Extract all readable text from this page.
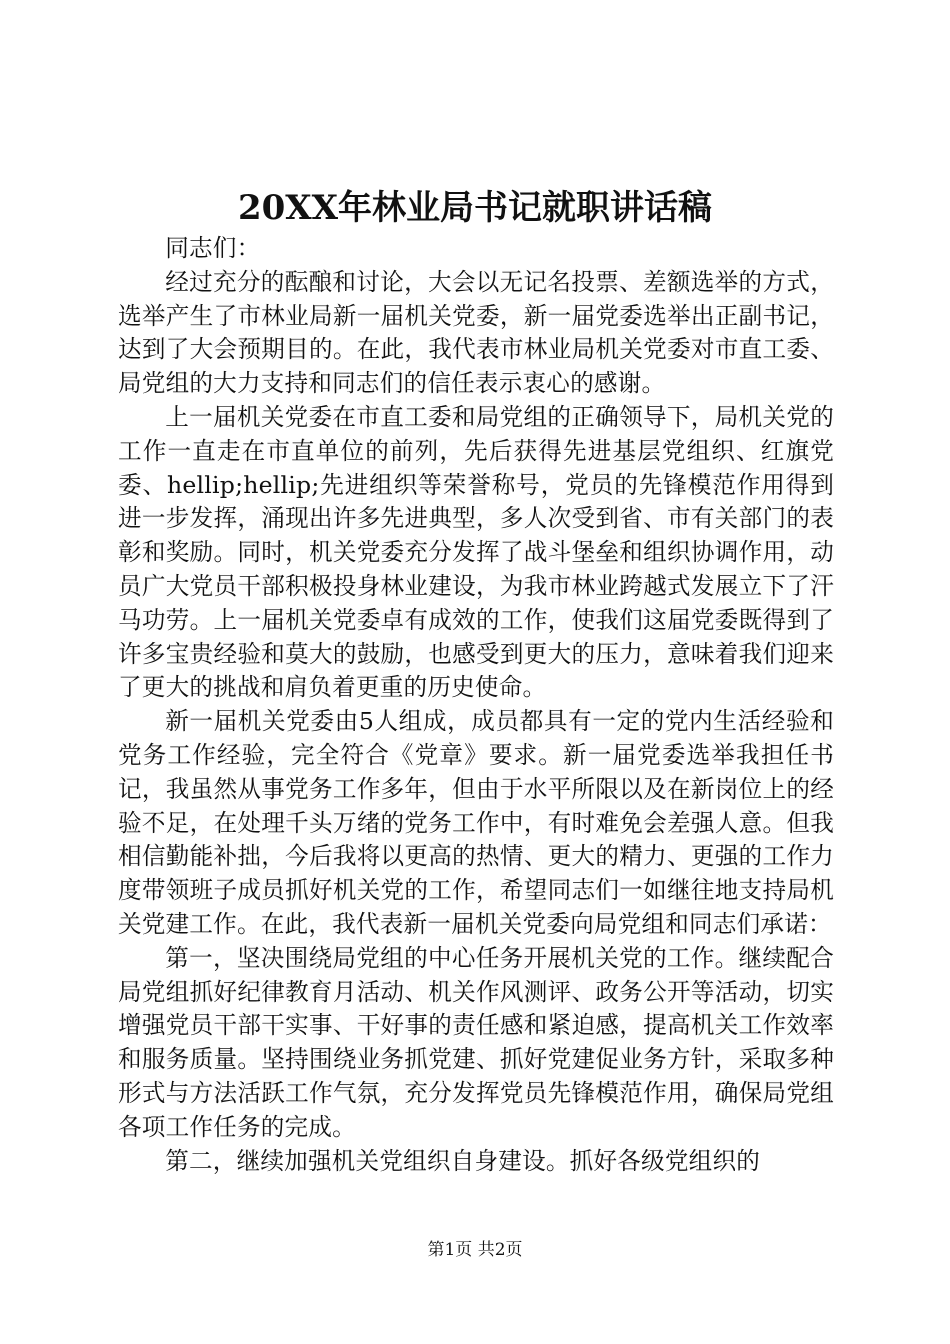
20XX年林业局书记就职讲话稿

同志们：

经过充分的酝酿和讨论，大会以无记名投票、差额选举的方式，选举产生了市林业局新一届机关党委，新一届党委选举出正副书记，达到了大会预期目的。在此，我代表市林业局机关党委对市直工委、局党组的大力支持和同志们的信任表示衷心的感谢。

上一届机关党委在市直工委和局党组的正确领导下，局机关党的工作一直走在市直单位的前列，先后获得先进基层党组织、红旗党委、hellip;hellip;先进组织等荣誉称号，党员的先锋模范作用得到进一步发挥，涌现出许多先进典型，多人次受到省、市有关部门的表彰和奖励。同时，机关党委充分发挥了战斗堡垒和组织协调作用，动员广大党员干部积极投身林业建设，为我市林业跨越式发展立下了汗马功劳。上一届机关党委卓有成效的工作，使我们这届党委既得到了许多宝贵经验和莫大的鼓励，也感受到更大的压力，意味着我们迎来了更大的挑战和肩负着更重的历史使命。

新一届机关党委由5人组成，成员都具有一定的党内生活经验和党务工作经验，完全符合《党章》要求。新一届党委选举我担任书记，我虽然从事党务工作多年，但由于水平所限以及在新岗位上的经验不足，在处理千头万绪的党务工作中，有时难免会差强人意。但我相信勤能补拙，今后我将以更高的热情、更大的精力、更强的工作力度带领班子成员抓好机关党的工作，希望同志们一如继往地支持局机关党建工作。在此，我代表新一届机关党委向局党组和同志们承诺：

第一，坚决围绕局党组的中心任务开展机关党的工作。继续配合局党组抓好纪律教育月活动、机关作风测评、政务公开等活动，切实增强党员干部干实事、干好事的责任感和紧迫感，提高机关工作效率和服务质量。坚持围绕业务抓党建、抓好党建促业务方针，采取多种形式与方法活跃工作气氛，充分发挥党员先锋模范作用，确保局党组各项工作任务的完成。

第二，继续加强机关党组织自身建设。抓好各级党组织的

第1页 共2页
